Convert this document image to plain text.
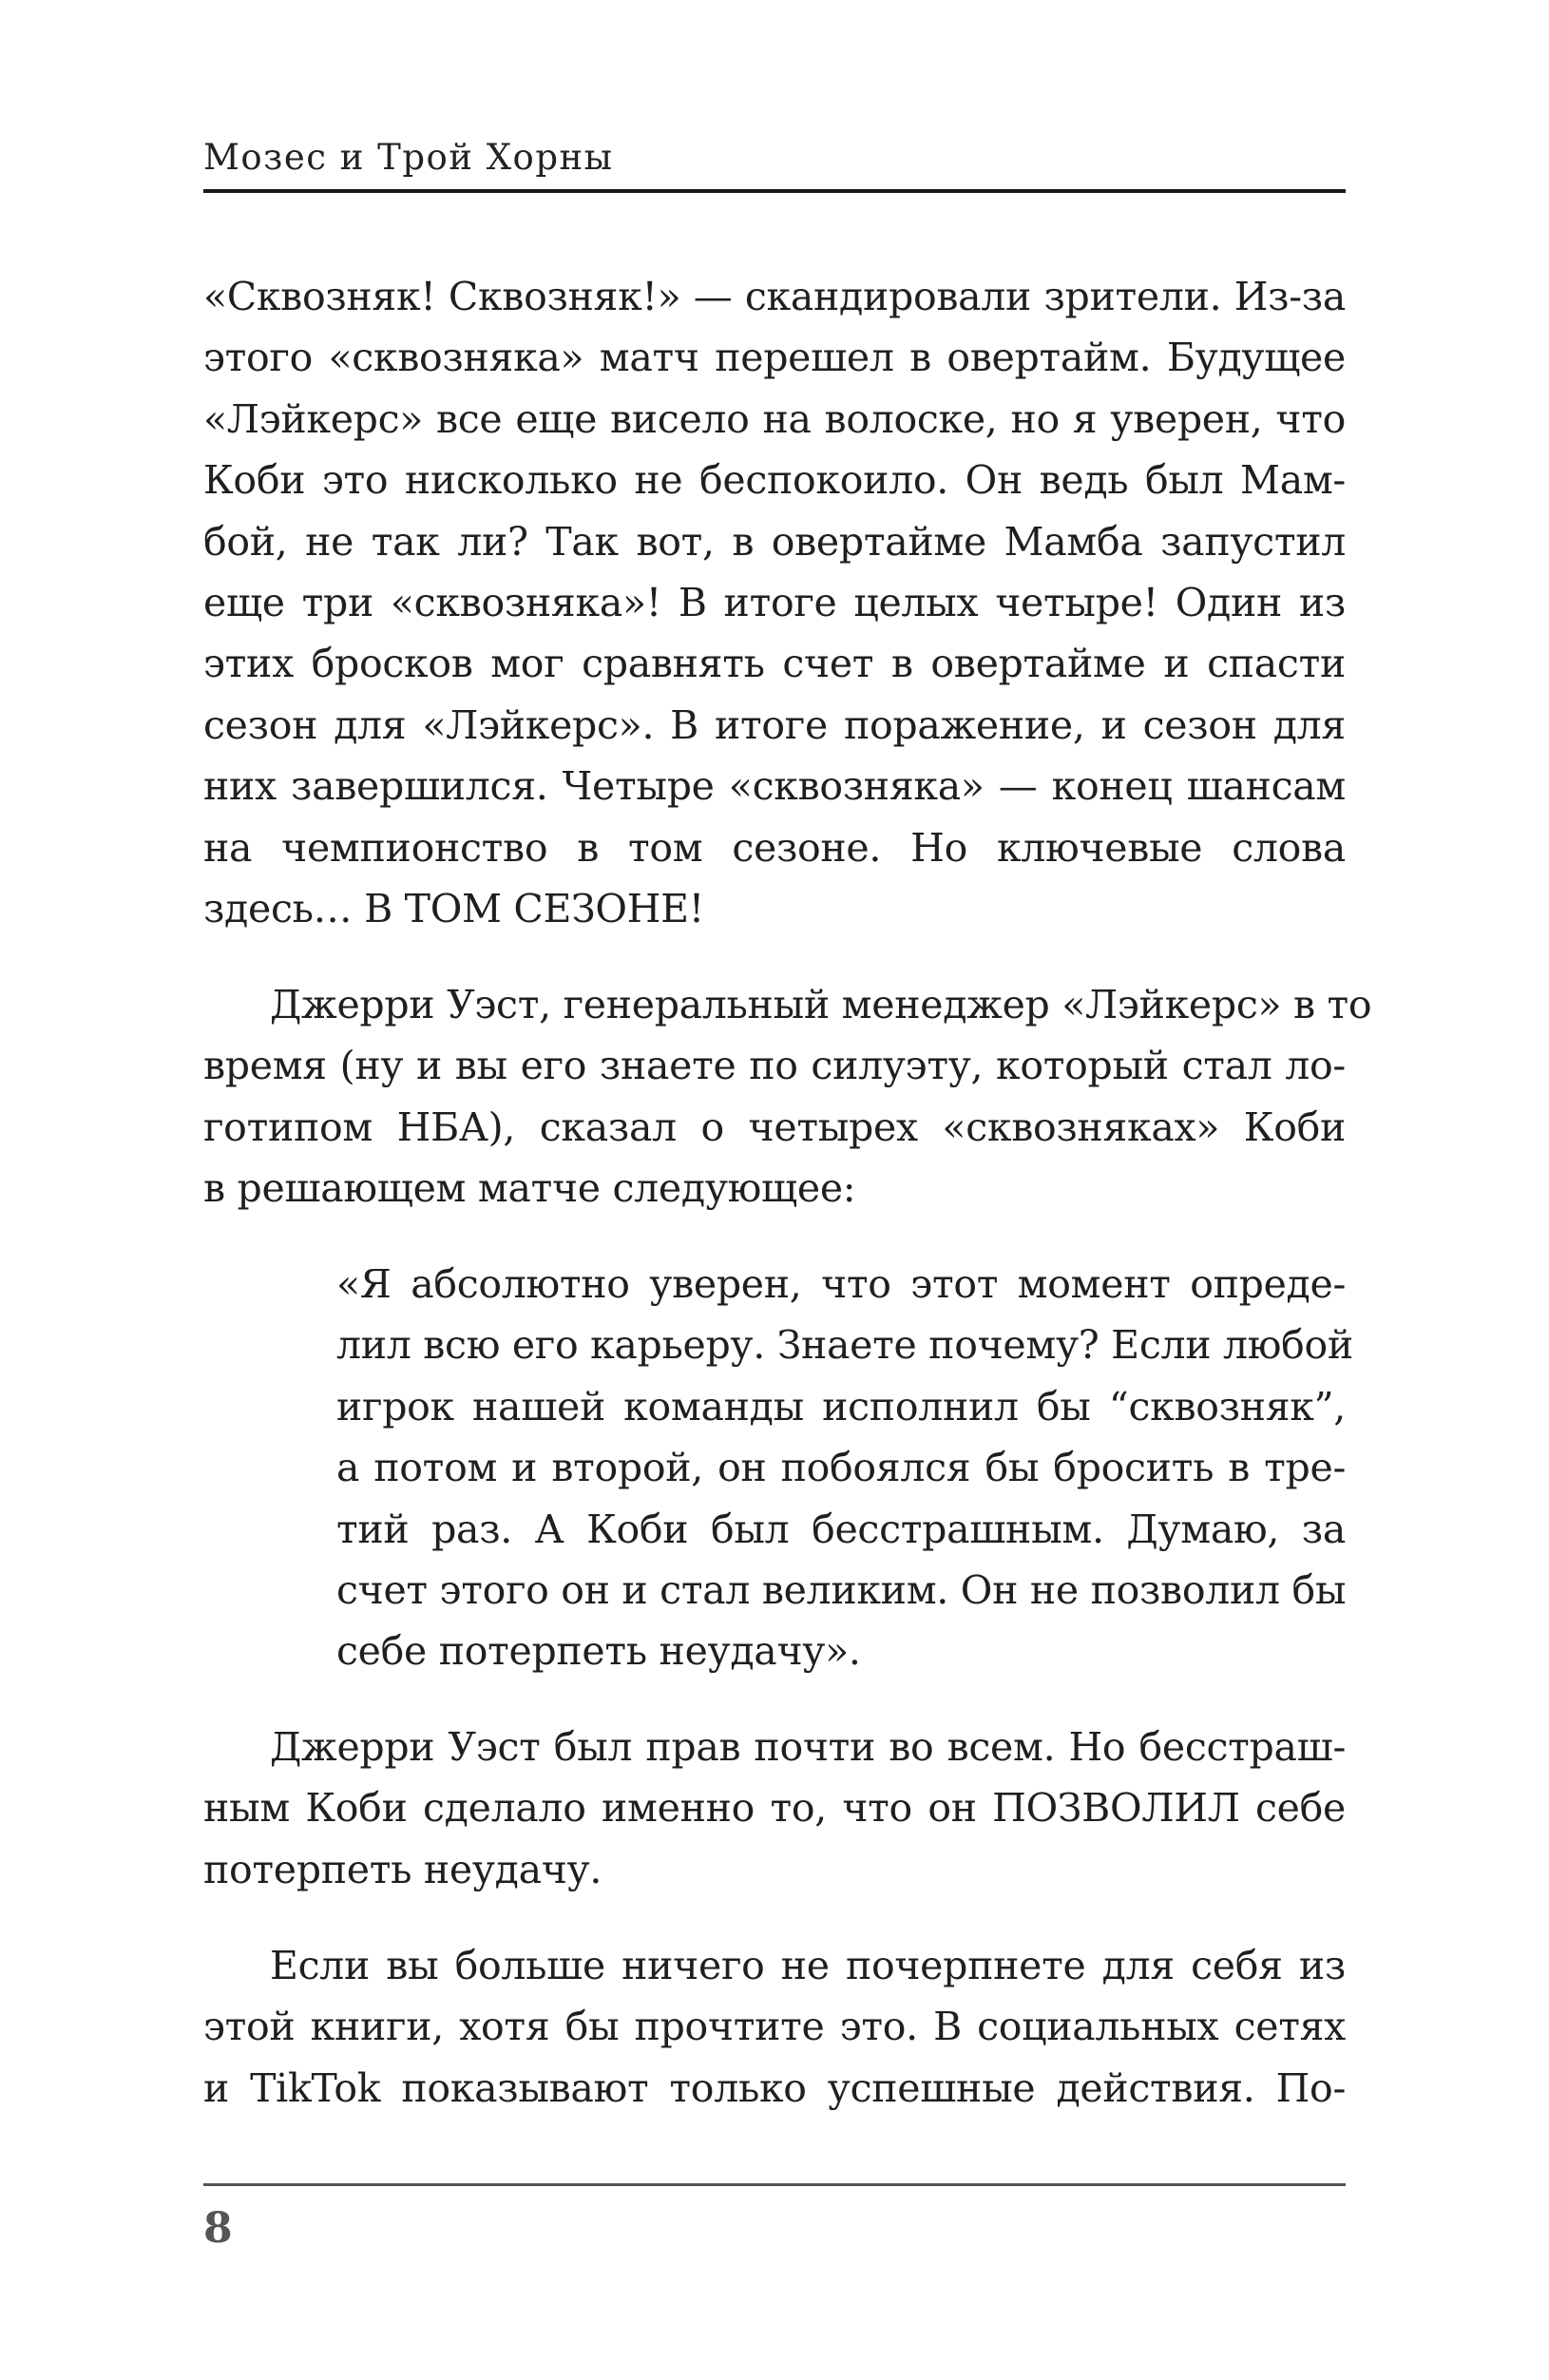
Мозес и Трой Хорны
«Сквозняк! Сквозняк!» — скандировали зрители. Из-за
этого «сквозняка» матч перешел в овертайм. Будущее
«Лэйкерс» все еще висело на волоске, но я уверен, что
Коби это нисколько не беспокоило. Он ведь был Мам-
бой, не так ли? Так вот, в овертайме Мамба запустил
еще три «сквозняка»! В итоге целых четыре! Один из
этих бросков мог сравнять счет в овертайме и спасти
сезон для «Лэйкерс». В итоге поражение, и сезон для
них завершился. Четыре «сквозняка» — конец шансам
на чемпионство в том сезоне. Но ключевые слова
здесь… В ТОМ СЕЗОНЕ!
Джерри Уэст, генеральный менеджер «Лэйкерс» в то
время (ну и вы его знаете по силуэту, который стал ло-
готипом НБА), сказал о четырех «сквозняках» Коби
в решающем матче следующее:
«Я абсолютно уверен, что этот момент опреде-
лил всю его карьеру. Знаете почему? Если любой
игрок нашей команды исполнил бы “сквозняк”,
а потом и второй, он побоялся бы бросить в тре-
тий раз. А Коби был бесстрашным. Думаю, за
счет этого он и стал великим. Он не позволил бы
себе потерпеть неудачу».
Джерри Уэст был прав почти во всем. Но бесстраш-
ным Коби сделало именно то, что он ПОЗВОЛИЛ себе
потерпеть неудачу.
Если вы больше ничего не почерпнете для себя из
этой книги, хотя бы прочтите это. В социальных сетях
и TikTok показывают только успешные действия. По-
8
